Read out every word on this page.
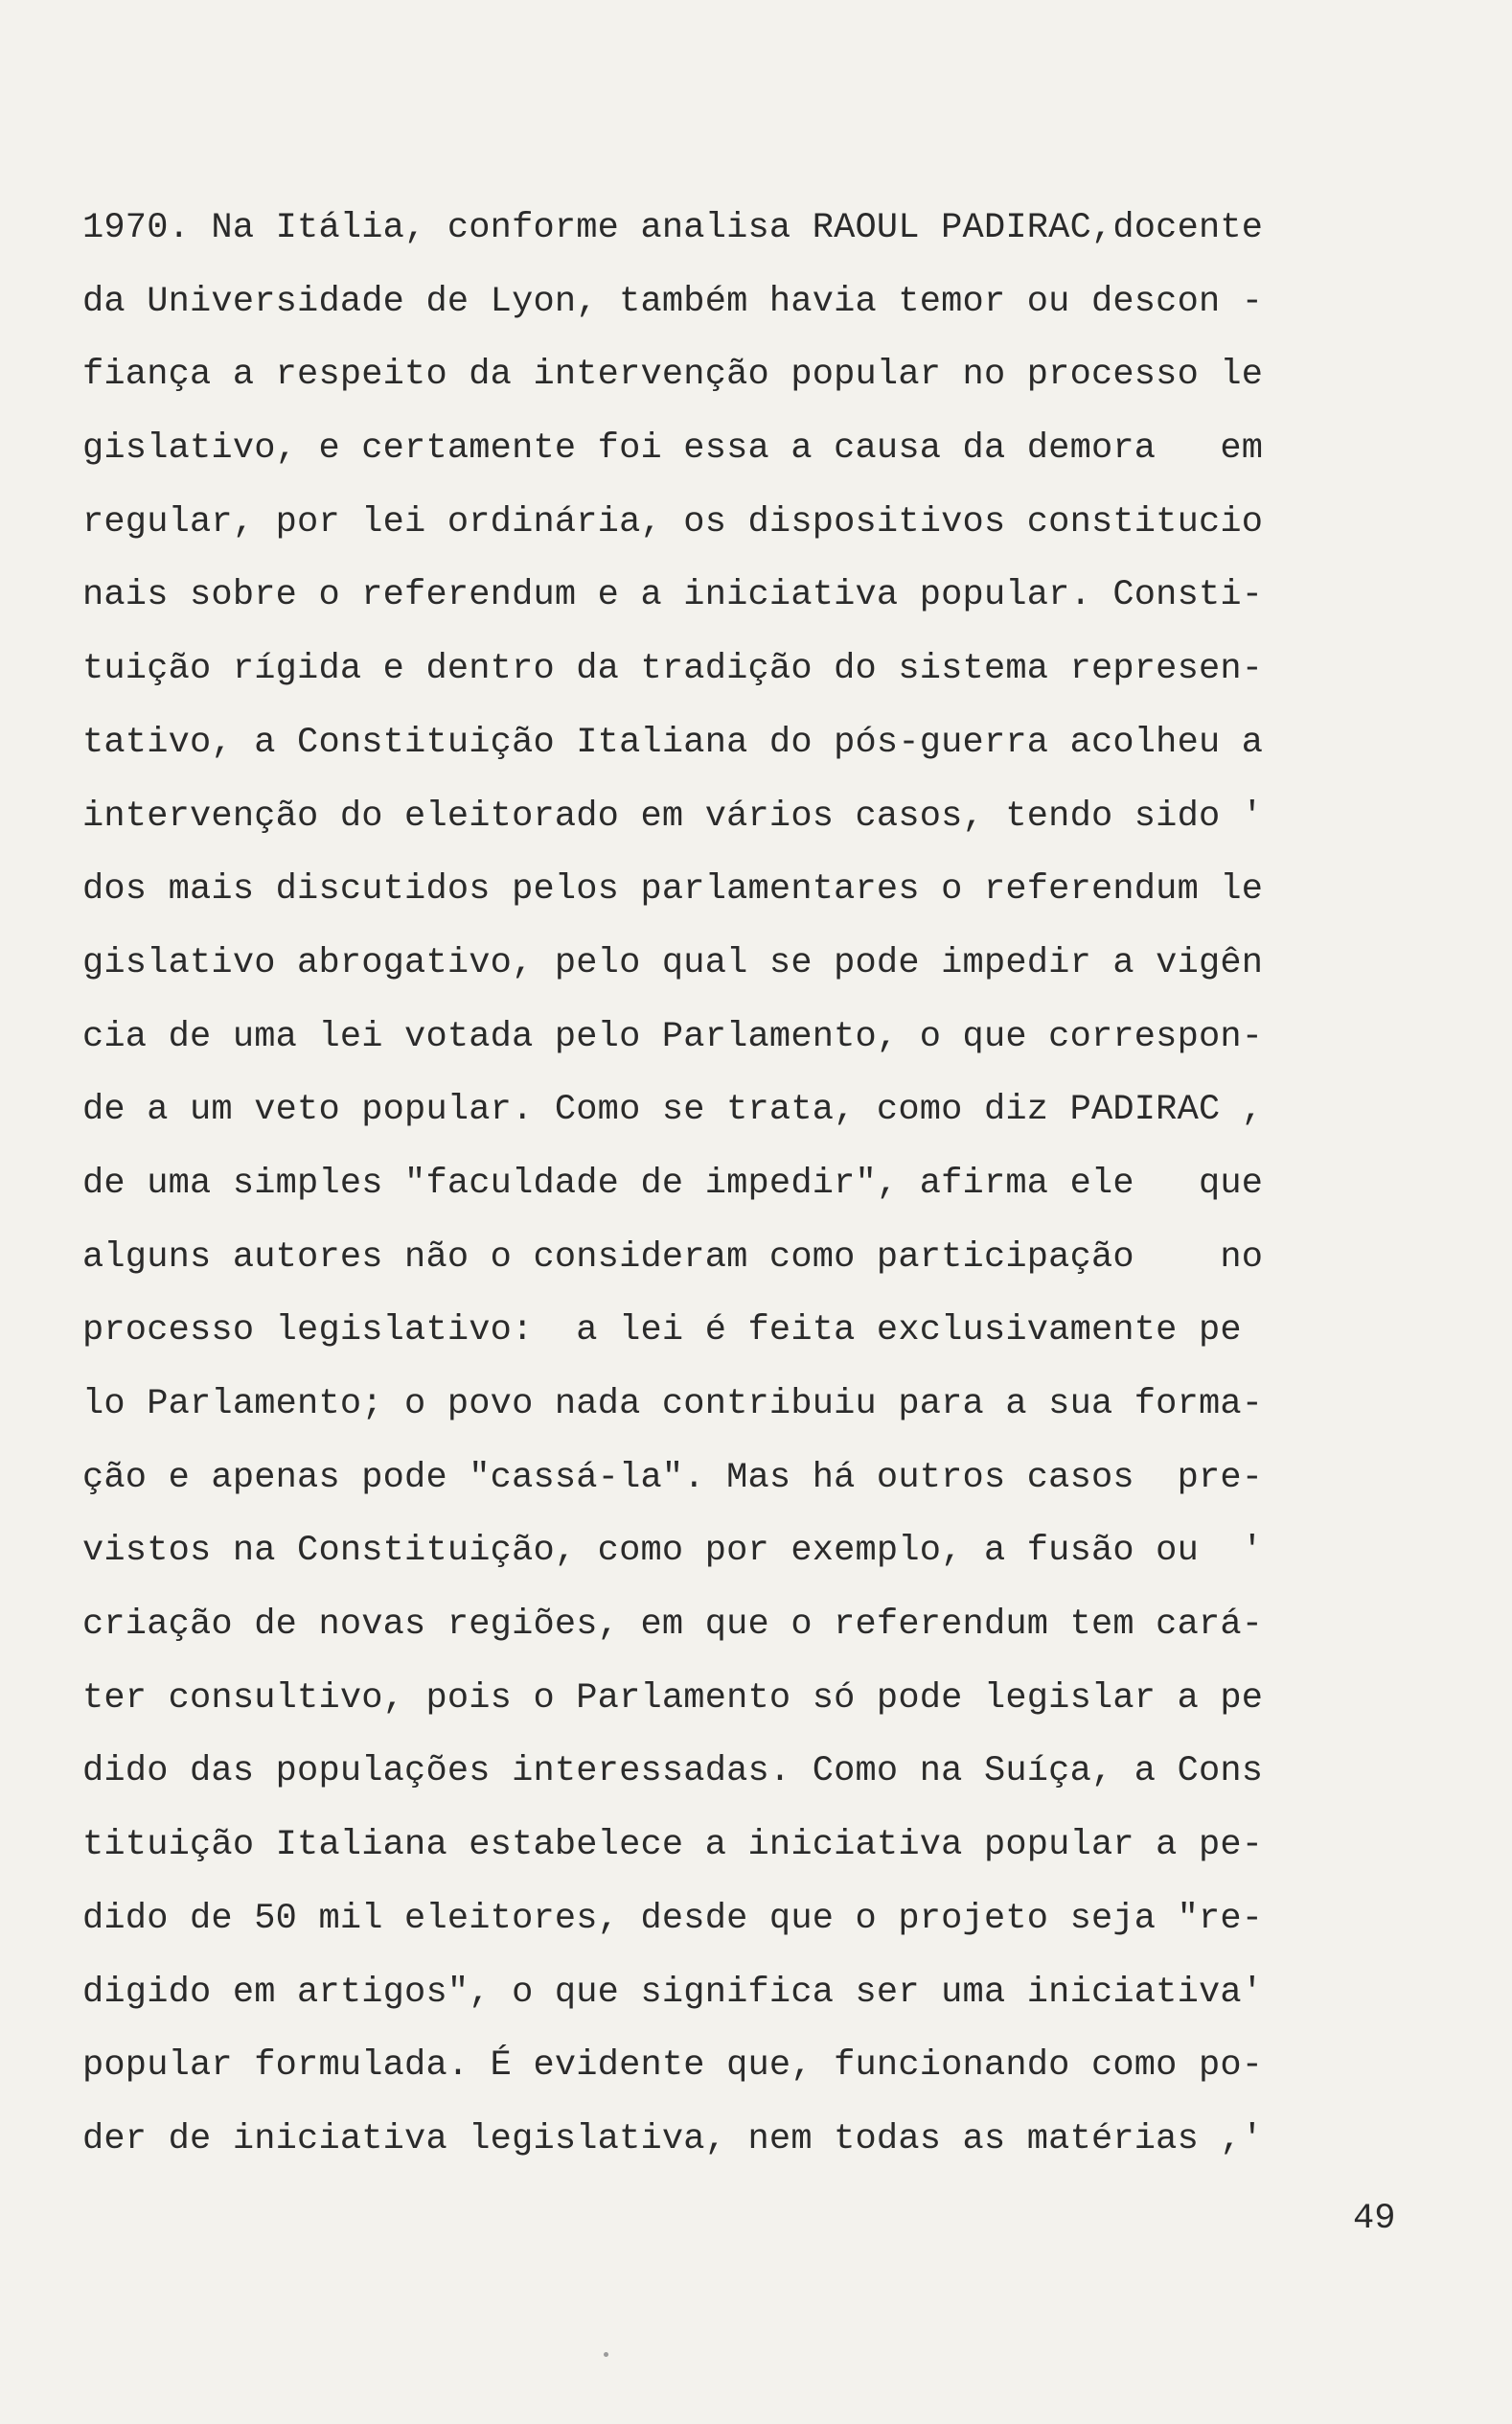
1970. Na Itália, conforme analisa RAOUL PADIRAC,docente
da Universidade de Lyon, também havia temor ou descon -
fiança a respeito da intervenção popular no processo le
gislativo, e certamente foi essa a causa da demora   em
regular, por lei ordinária, os dispositivos constitucio
nais sobre o referendum e a iniciativa popular. Consti-
tuição rígida e dentro da tradição do sistema represen-
tativo, a Constituição Italiana do pós-guerra acolheu a
intervenção do eleitorado em vários casos, tendo sido '
dos mais discutidos pelos parlamentares o referendum le
gislativo abrogativo, pelo qual se pode impedir a vigên
cia de uma lei votada pelo Parlamento, o que correspon-
de a um veto popular. Como se trata, como diz PADIRAC ,
de uma simples "faculdade de impedir", afirma ele   que
alguns autores não o consideram como participação    no
processo legislativo:  a lei é feita exclusivamente pe
lo Parlamento; o povo nada contribuiu para a sua forma-
ção e apenas pode "cassá-la". Mas há outros casos  pre-
vistos na Constituição, como por exemplo, a fusão ou  '
criação de novas regiões, em que o referendum tem cará-
ter consultivo, pois o Parlamento só pode legislar a pe
dido das populações interessadas. Como na Suíça, a Cons
tituição Italiana estabelece a iniciativa popular a pe-
dido de 50 mil eleitores, desde que o projeto seja "re-
digido em artigos", o que significa ser uma iniciativa'
popular formulada. É evidente que, funcionando como po-
der de iniciativa legislativa, nem todas as matérias ,'
49
